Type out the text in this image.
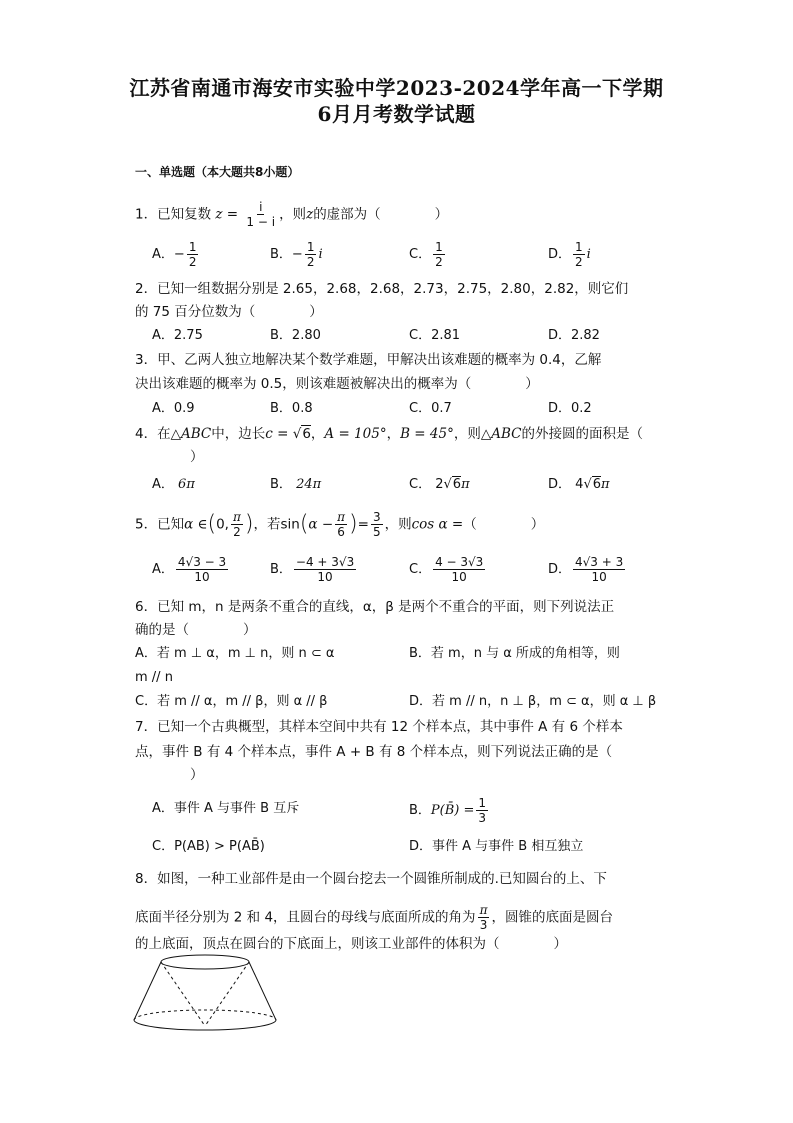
江苏省南通市海安市实验中学2023-2024学年高一下学期
6月月考数学试题
一、单选题（本大题共8小题）
1．已知复数 $z = \frac{i}{1 - i}$ ，则z的虚部为（　　　　）
A．− $\frac{1}{2}$	B．− $\frac{1}{2}$ i	C． $\frac{1}{2}$	D． $\frac{1}{2}$ i
2．已知一组数据分别是 2.65，2.68，2.68，2.73，2.75，2.80，2.82，则它们
的 75 百分位数为（　　　　）
A．2.75	B．2.80	C．2.81	D．2.82
3．甲、乙两人独立地解决某个数学难题，甲解决出该难题的概率为 0.4，乙解
决出该难题的概率为 0.5，则该难题被解决出的概率为（　　　　）
A．0.9	B．0.8	C．0.7	D．0.2
4．在△ABC中，边长c = √6，A = 105°，B = 45°，则△ABC的外接圆的面积是（
）
A． 6π	B． 24π	C． 2√6π	D． 4√6π
5．已知α ∈(0, $\frac{\pi}{2}$ )，若$\sin(\alpha - \frac{\pi}{6}$ )= $\frac{3}{5}$ ，则cos α =（　　　　）
A． $\frac{4√3 - 3}{10}$	B． $\frac{-4 + 3√3}{10}$	C． $\frac{4 - 3√3}{10}$	D． $\frac{4√3 + 3}{10}$
6．已知 m，n 是两条不重合的直线，α，β 是两个不重合的平面，则下列说法正
确的是（　　　　）
A．若 m ⊥ α，m ⊥ n，则 n ⊂ α	B．若 m，n 与 α 所成的角相等，则
m // n
C．若 m // α，m // β，则 α // β	D．若 m // n，n ⊥ β，m ⊂ α，则 α ⊥ β
7．已知一个古典概型，其样本空间中共有 12 个样本点，其中事件 A 有 6 个样本
点，事件 B 有 4 个样本点，事件 A + B 有 8 个样本点，则下列说法正确的是（
）
A．事件 A 与事件 B 互斥	B．P(B̄) = $\frac{1}{3}$
C．P(AB) > P(AB̄)	D．事件 A 与事件 B 相互独立
8．如图，一种工业部件是由一个圆台挖去一个圆锥所制成的.已知圆台的上、下
底面半径分别为 2 和 4，且圆台的母线与底面所成的角为 $\frac{\pi}{3}$ ，圆锥的底面是圆台
的上底面，顶点在圆台的下底面上，则该工业部件的体积为（　　　　）
